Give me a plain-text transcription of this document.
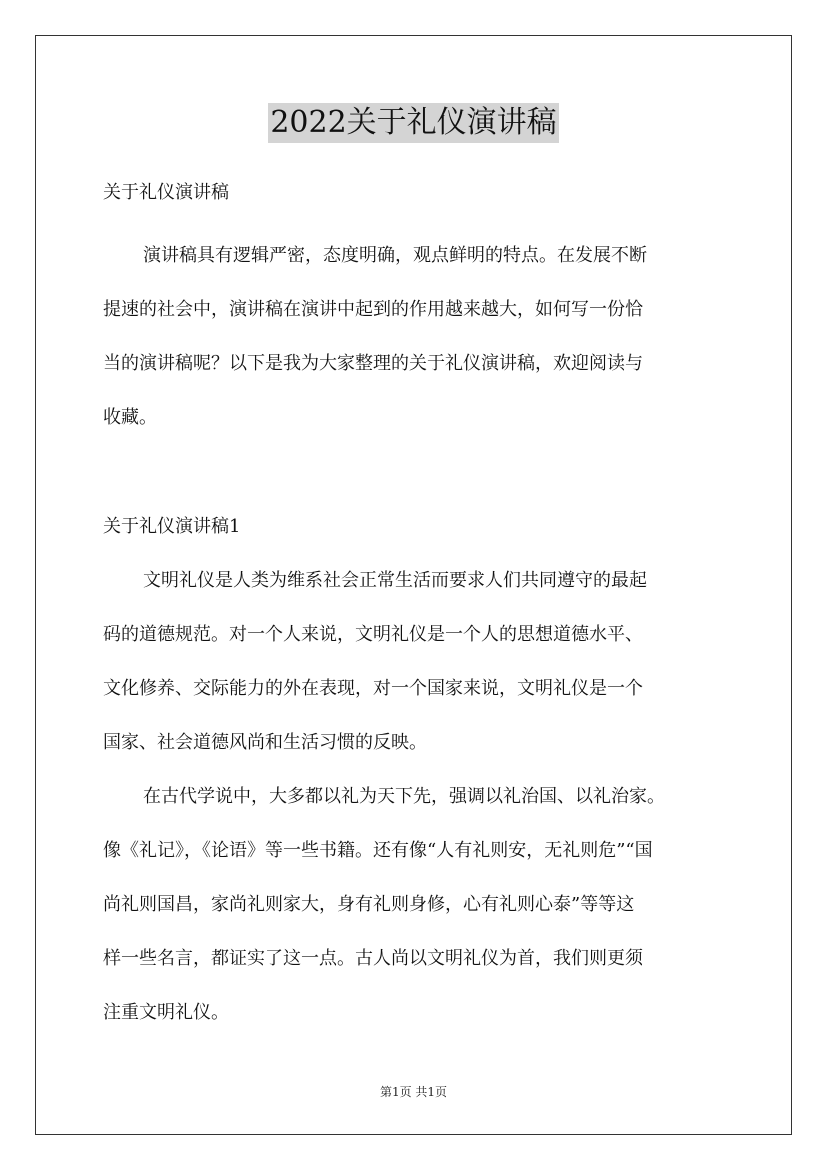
2022关于礼仪演讲稿

关于礼仪演讲稿

演讲稿具有逻辑严密，态度明确，观点鲜明的特点。在发展不断
提速的社会中，演讲稿在演讲中起到的作用越来越大，如何写一份恰
当的演讲稿呢？以下是我为大家整理的关于礼仪演讲稿，欢迎阅读与
收藏。

关于礼仪演讲稿1

文明礼仪是人类为维系社会正常生活而要求人们共同遵守的最起
码的道德规范。对一个人来说，文明礼仪是一个人的思想道德水平、
文化修养、交际能力的外在表现，对一个国家来说，文明礼仪是一个
国家、社会道德风尚和生活习惯的反映。

在古代学说中，大多都以礼为天下先，强调以礼治国、以礼治家。
像《礼记》，《论语》等一些书籍。还有像“人有礼则安，无礼则危”“国
尚礼则国昌，家尚礼则家大，身有礼则身修，心有礼则心泰”等等这
样一些名言，都证实了这一点。古人尚以文明礼仪为首，我们则更须
注重文明礼仪。

第1页 共1页
